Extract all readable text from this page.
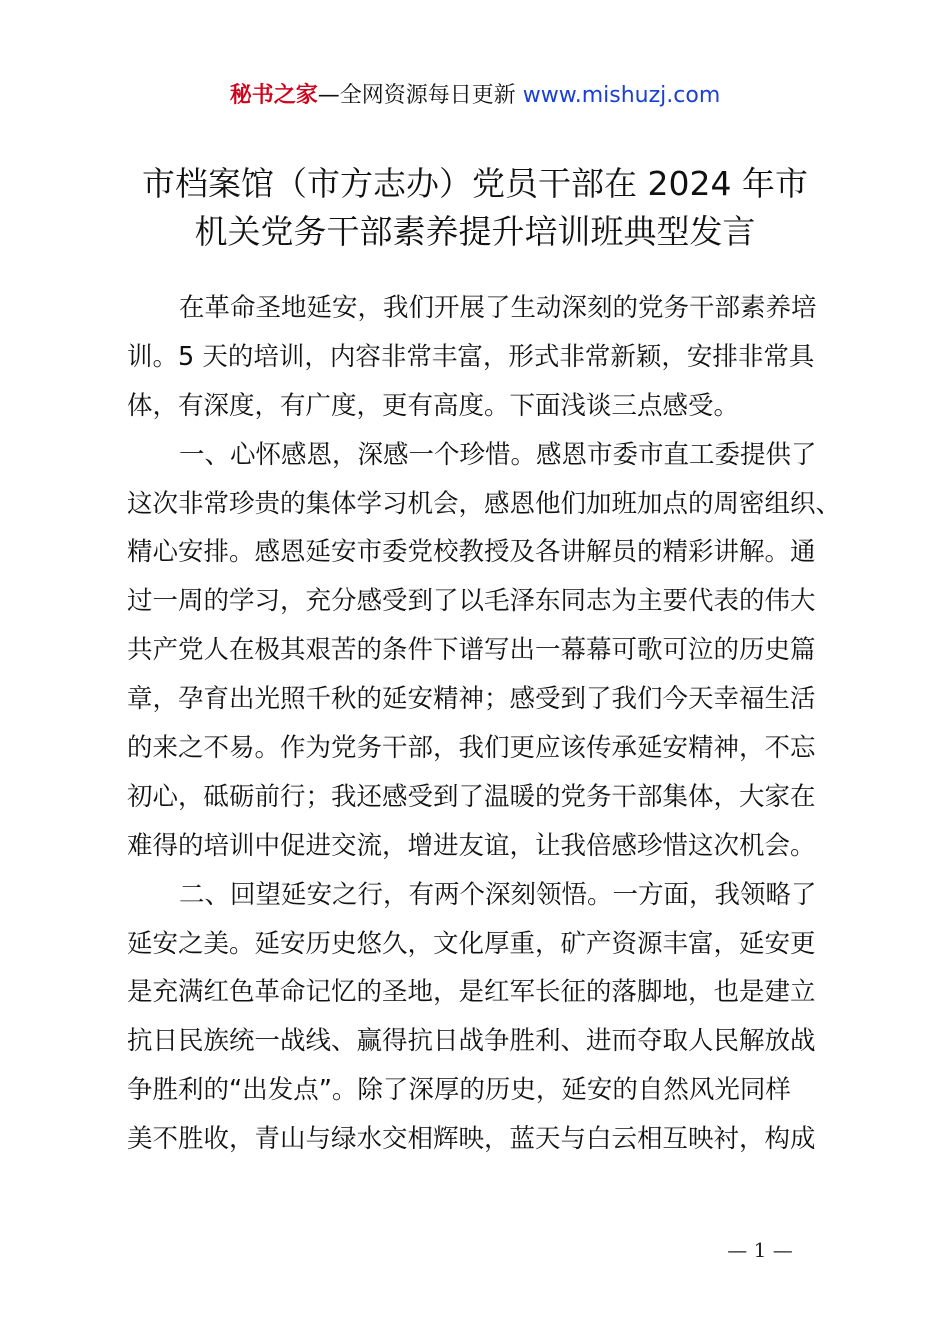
秘书之家—全网资源每日更新 www.mishuzj.com
市档案馆（市方志办）党员干部在 2024 年市
机关党务干部素养提升培训班典型发言
在革命圣地延安，我们开展了生动深刻的党务干部素养培
训。5 天的培训，内容非常丰富，形式非常新颖，安排非常具
体，有深度，有广度，更有高度。下面浅谈三点感受。
一、心怀感恩，深感一个珍惜。感恩市委市直工委提供了
这次非常珍贵的集体学习机会，感恩他们加班加点的周密组织、
精心安排。感恩延安市委党校教授及各讲解员的精彩讲解。通
过一周的学习，充分感受到了以毛泽东同志为主要代表的伟大
共产党人在极其艰苦的条件下谱写出一幕幕可歌可泣的历史篇
章，孕育出光照千秋的延安精神；感受到了我们今天幸福生活
的来之不易。作为党务干部，我们更应该传承延安精神，不忘
初心，砥砺前行；我还感受到了温暖的党务干部集体，大家在
难得的培训中促进交流，增进友谊，让我倍感珍惜这次机会。
二、回望延安之行，有两个深刻领悟。一方面，我领略了
延安之美。延安历史悠久，文化厚重，矿产资源丰富，延安更
是充满红色革命记忆的圣地，是红军长征的落脚地，也是建立
抗日民族统一战线、赢得抗日战争胜利、进而夺取人民解放战
争胜利的“出发点”。除了深厚的历史，延安的自然风光同样
美不胜收，青山与绿水交相辉映，蓝天与白云相互映衬，构成
— 1 —
